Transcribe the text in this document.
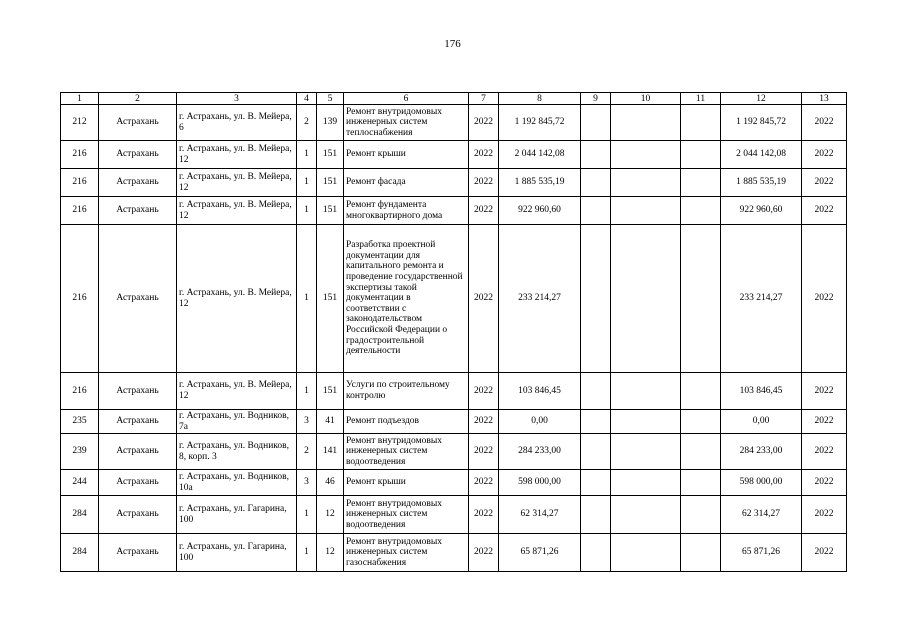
176
1	2	3	4	5	6	7	8	9	10	11	12	13
212	Астрахань	г. Астрахань, ул. В. Мейера, 6	2	139	Ремонт внутридомовых инженерных систем теплоснабжения	2022	1 192 845,72				1 192 845,72	2022
216	Астрахань	г. Астрахань, ул. В. Мейера, 12	1	151	Ремонт крыши	2022	2 044 142,08				2 044 142,08	2022
216	Астрахань	г. Астрахань, ул. В. Мейера, 12	1	151	Ремонт фасада	2022	1 885 535,19				1 885 535,19	2022
216	Астрахань	г. Астрахань, ул. В. Мейера, 12	1	151	Ремонт фундамента многоквартирного дома	2022	922 960,60				922 960,60	2022
216	Астрахань	г. Астрахань, ул. В. Мейера, 12	1	151	Разработка проектной документации для капитального ремонта и проведение государственной экспертизы такой документации в соответствии с законодательством Российской Федерации о градостроительной деятельности	2022	233 214,27				233 214,27	2022
216	Астрахань	г. Астрахань, ул. В. Мейера, 12	1	151	Услуги по строительному контролю	2022	103 846,45				103 846,45	2022
235	Астрахань	г. Астрахань, ул. Водников, 7а	3	41	Ремонт подъездов	2022	0,00				0,00	2022
239	Астрахань	г. Астрахань, ул. Водников, 8, корп. 3	2	141	Ремонт внутридомовых инженерных систем водоотведения	2022	284 233,00				284 233,00	2022
244	Астрахань	г. Астрахань, ул. Водников, 10а	3	46	Ремонт крыши	2022	598 000,00				598 000,00	2022
284	Астрахань	г. Астрахань, ул. Гагарина, 100	1	12	Ремонт внутридомовых инженерных систем водоотведения	2022	62 314,27				62 314,27	2022
284	Астрахань	г. Астрахань, ул. Гагарина, 100	1	12	Ремонт внутридомовых инженерных систем газоснабжения	2022	65 871,26				65 871,26	2022
